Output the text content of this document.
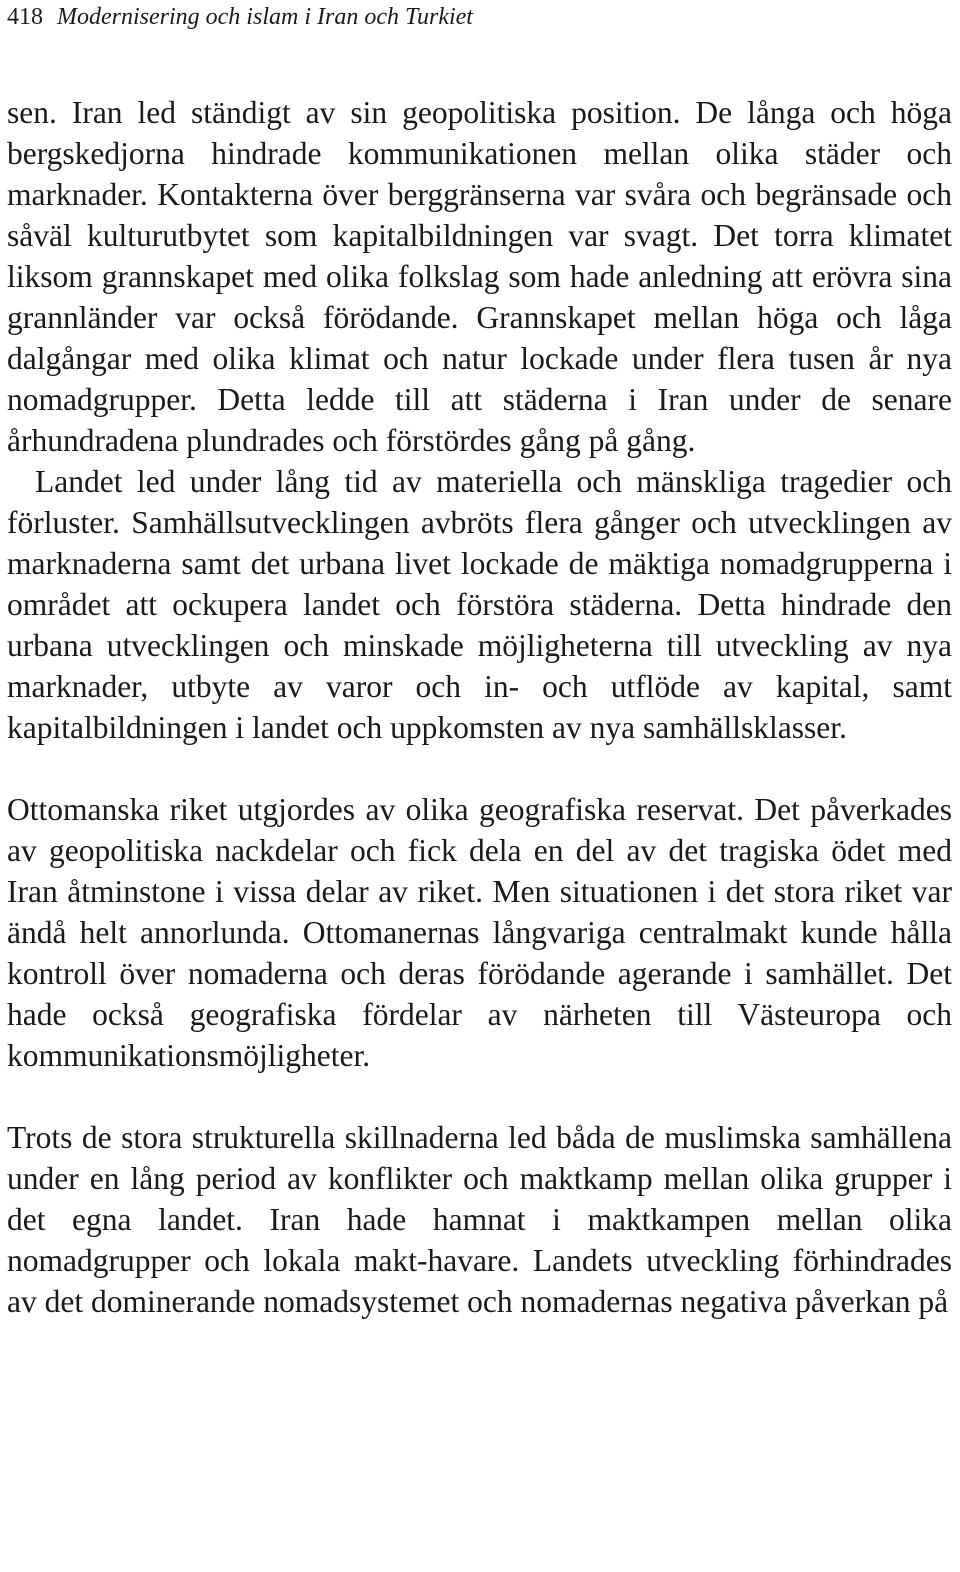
418 Modernisering och islam i Iran och Turkiet

sen. Iran led ständigt av sin geopolitiska position. De långa och höga bergskedjorna hindrade kommunikationen mellan olika städer och marknader. Kontakterna över berggränserna var svåra och begränsade och såväl kulturutbytet som kapitalbildningen var svagt. Det torra klimatet liksom grannskapet med olika folkslag som hade anledning att erövra sina grannländer var också förödande. Grannskapet mellan höga och låga dalgångar med olika klimat och natur lockade under flera tusen år nya nomadgrupper. Detta ledde till att städerna i Iran under de senare århundradena plundrades och förstördes gång på gång.

Landet led under lång tid av materiella och mänskliga tragedier och förluster. Samhällsutvecklingen avbröts flera gånger och utvecklingen av marknaderna samt det urbana livet lockade de mäktiga nomadgrupperna i området att ockupera landet och förstöra städerna. Detta hindrade den urbana utvecklingen och minskade möjligheterna till utveckling av nya marknader, utbyte av varor och in- och utflöde av kapital, samt kapitalbildningen i landet och uppkomsten av nya samhällsklasser.

Ottomanska riket utgjordes av olika geografiska reservat. Det påverkades av geopolitiska nackdelar och fick dela en del av det tragiska ödet med Iran åtminstone i vissa delar av riket. Men situationen i det stora riket var ändå helt annorlunda. Ottomanernas långvariga centralmakt kunde hålla kontroll över nomaderna och deras förödande agerande i samhället. Det hade också geografiska fördelar av närheten till Västeuropa och kommunikationsmöjligheter.

Trots de stora strukturella skillnaderna led båda de muslimska samhällena under en lång period av konflikter och maktkamp mellan olika grupper i det egna landet. Iran hade hamnat i maktkampen mellan olika nomadgrupper och lokala makt-havare. Landets utveckling förhindrades av det dominerande nomadsystemet och nomadernas negativa påverkan på
